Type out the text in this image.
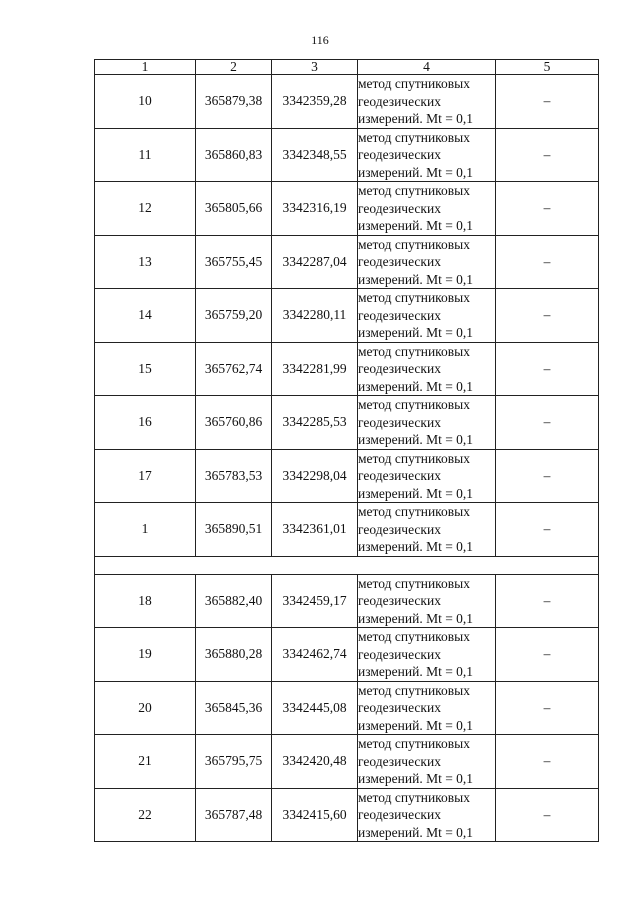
116
1	2	3	4	5
10	365879,38	3342359,28	метод спутниковых
геодезических
измерений. Mt = 0,1	–
11	365860,83	3342348,55	метод спутниковых
геодезических
измерений. Mt = 0,1	–
12	365805,66	3342316,19	метод спутниковых
геодезических
измерений. Mt = 0,1	–
13	365755,45	3342287,04	метод спутниковых
геодезических
измерений. Mt = 0,1	–
14	365759,20	3342280,11	метод спутниковых
геодезических
измерений. Mt = 0,1	–
15	365762,74	3342281,99	метод спутниковых
геодезических
измерений. Mt = 0,1	–
16	365760,86	3342285,53	метод спутниковых
геодезических
измерений. Mt = 0,1	–
17	365783,53	3342298,04	метод спутниковых
геодезических
измерений. Mt = 0,1	–
1	365890,51	3342361,01	метод спутниковых
геодезических
измерений. Mt = 0,1	–

18	365882,40	3342459,17	метод спутниковых
геодезических
измерений. Mt = 0,1	–
19	365880,28	3342462,74	метод спутниковых
геодезических
измерений. Mt = 0,1	–
20	365845,36	3342445,08	метод спутниковых
геодезических
измерений. Mt = 0,1	–
21	365795,75	3342420,48	метод спутниковых
геодезических
измерений. Mt = 0,1	–
22	365787,48	3342415,60	метод спутниковых
геодезических
измерений. Mt = 0,1	–
